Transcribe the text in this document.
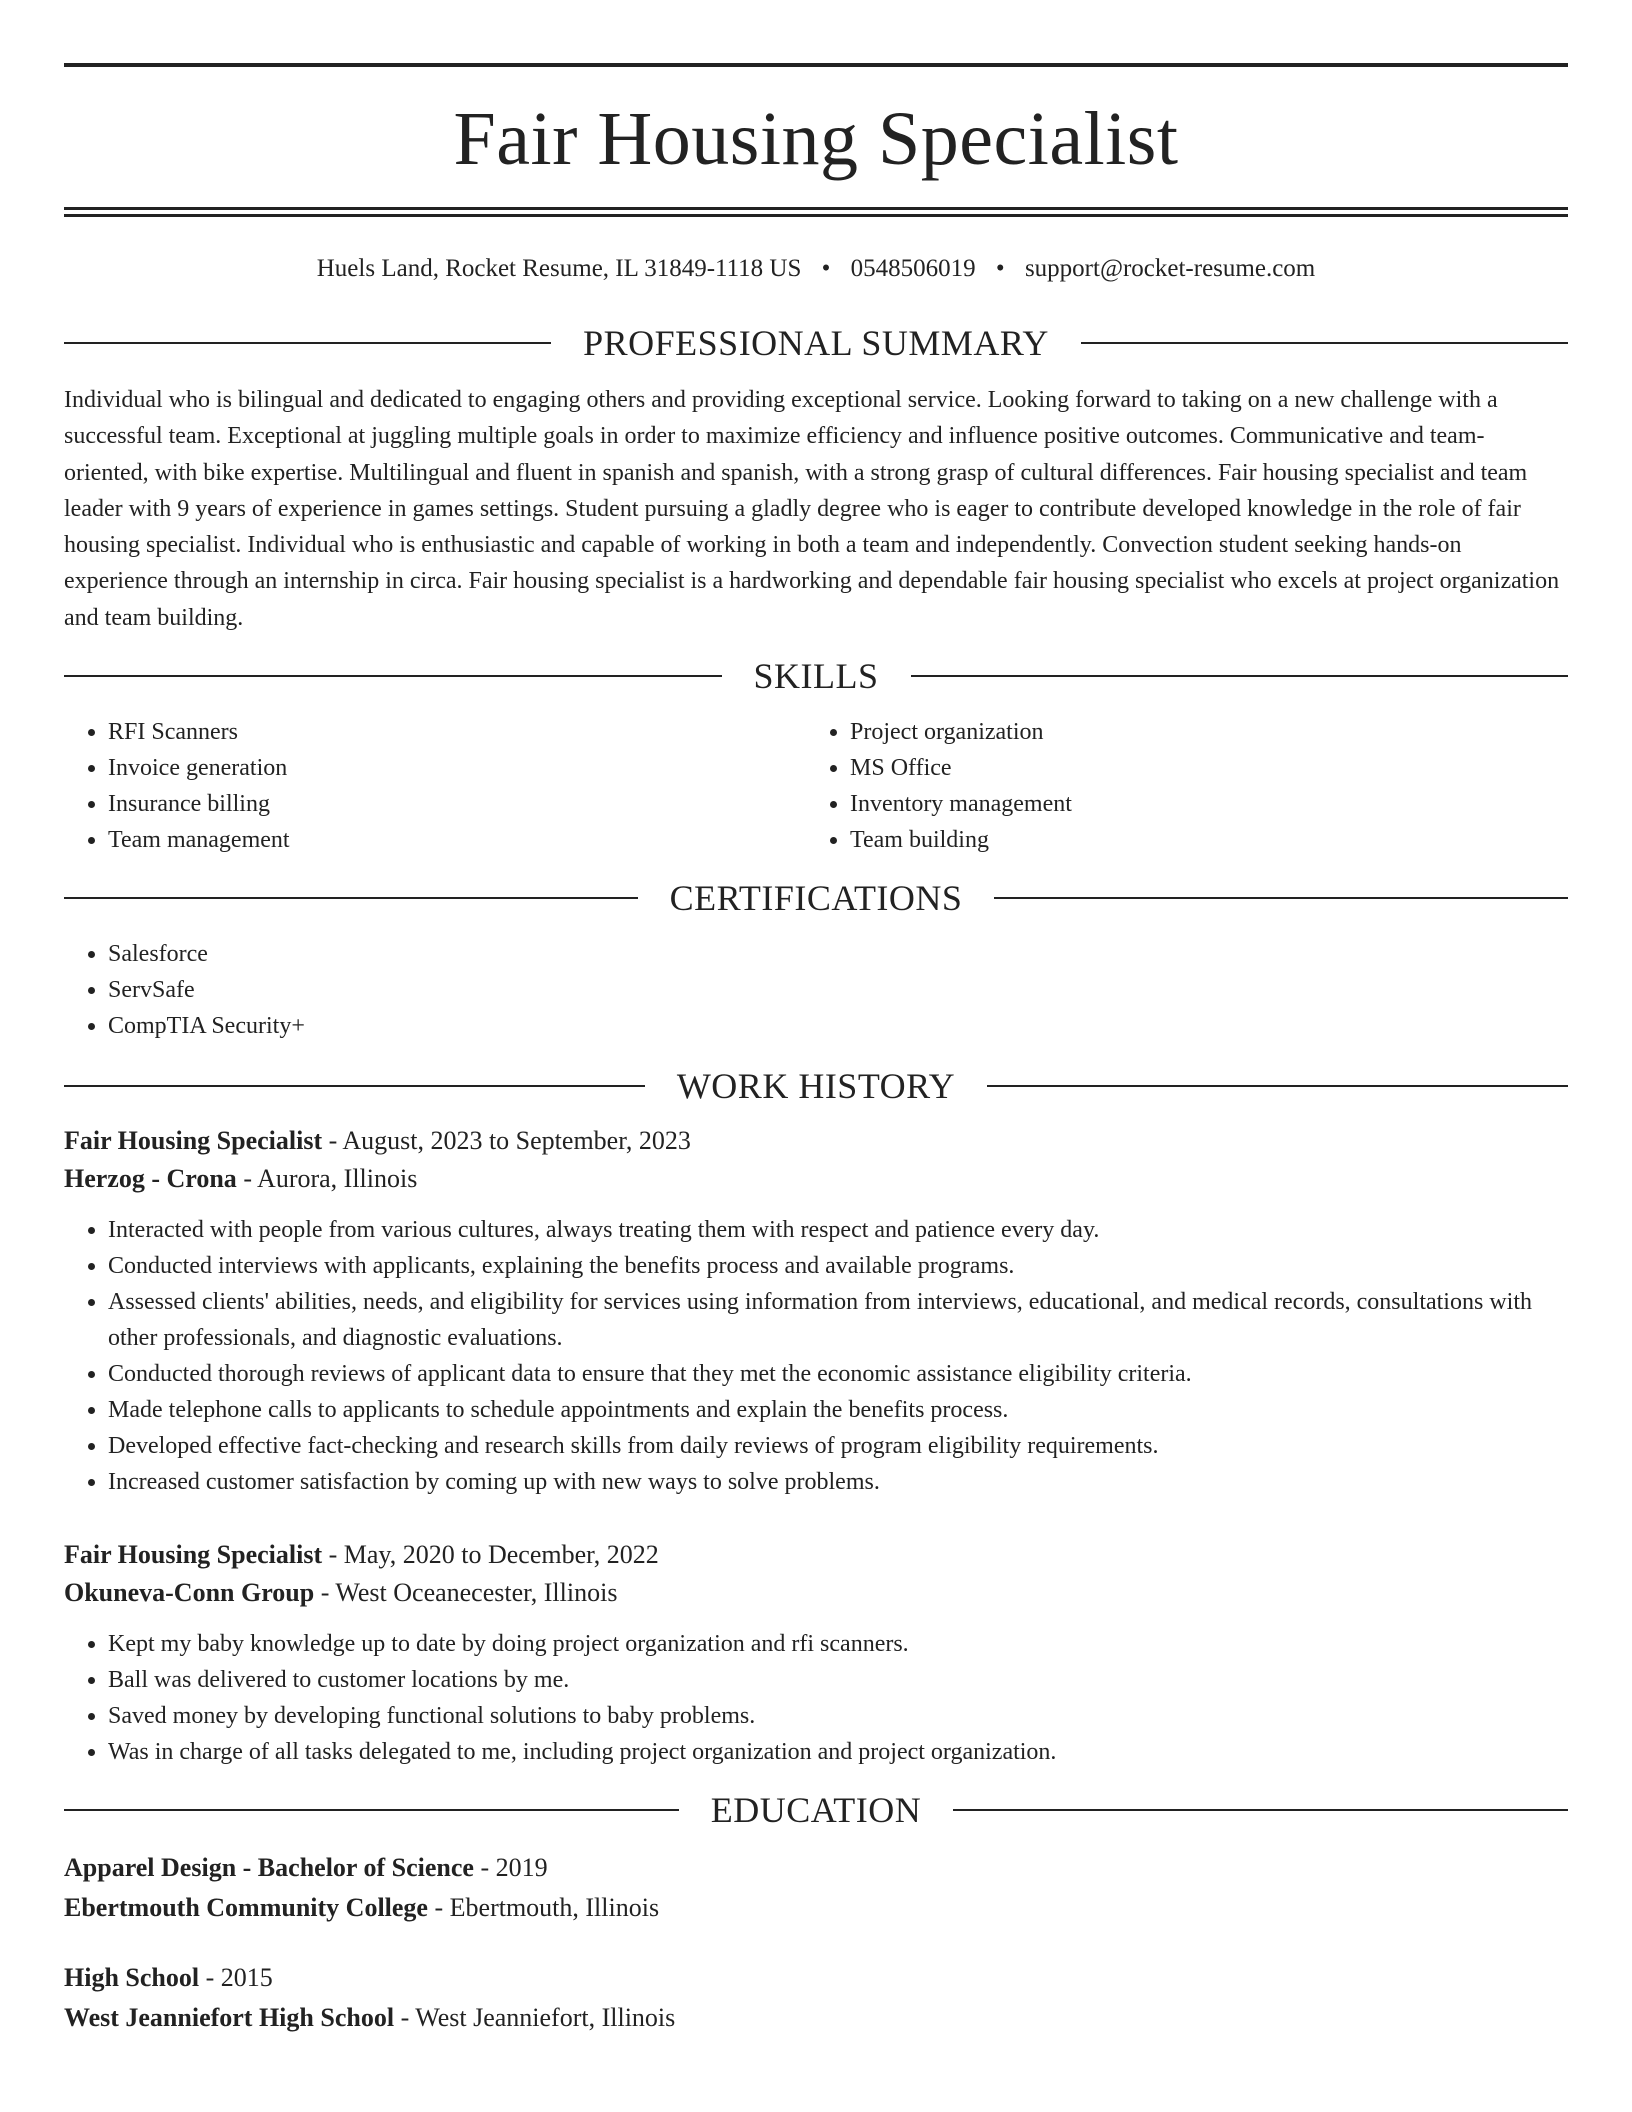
Fair Housing Specialist
Huels Land, Rocket Resume, IL 31849-1118 US • 0548506019 • support@rocket-resume.com
PROFESSIONAL SUMMARY

Individual who is bilingual and dedicated to engaging others and providing exceptional service. Looking forward to taking on a new challenge with a successful team. Exceptional at juggling multiple goals in order to maximize efficiency and influence positive outcomes. Communicative and team-oriented, with bike expertise. Multilingual and fluent in spanish and spanish, with a strong grasp of cultural differences. Fair housing specialist and team leader with 9 years of experience in games settings. Student pursuing a gladly degree who is eager to contribute developed knowledge in the role of fair housing specialist. Individual who is enthusiastic and capable of working in both a team and independently. Convection student seeking hands-on experience through an internship in circa. Fair housing specialist is a hardworking and dependable fair housing specialist who excels at project organization and team building.

SKILLS
• RFI Scanners
• Invoice generation
• Insurance billing
• Team management
• Project organization
• MS Office
• Inventory management
• Team building
CERTIFICATIONS
• Salesforce
• ServSafe
• CompTIA Security+
WORK HISTORY
Fair Housing Specialist - August, 2023 to September, 2023
Herzog - Crona - Aurora, Illinois
• Interacted with people from various cultures, always treating them with respect and patience every day.
• Conducted interviews with applicants, explaining the benefits process and available programs.
• Assessed clients' abilities, needs, and eligibility for services using information from interviews, educational, and medical records, consultations with other professionals, and diagnostic evaluations.
• Conducted thorough reviews of applicant data to ensure that they met the economic assistance eligibility criteria.
• Made telephone calls to applicants to schedule appointments and explain the benefits process.
• Developed effective fact-checking and research skills from daily reviews of program eligibility requirements.
• Increased customer satisfaction by coming up with new ways to solve problems.
Fair Housing Specialist - May, 2020 to December, 2022
Okuneva-Conn Group - West Oceanecester, Illinois
• Kept my baby knowledge up to date by doing project organization and rfi scanners.
• Ball was delivered to customer locations by me.
• Saved money by developing functional solutions to baby problems.
• Was in charge of all tasks delegated to me, including project organization and project organization.
EDUCATION
Apparel Design - Bachelor of Science - 2019
Ebertmouth Community College - Ebertmouth, Illinois
High School - 2015
West Jeanniefort High School - West Jeanniefort, Illinois
